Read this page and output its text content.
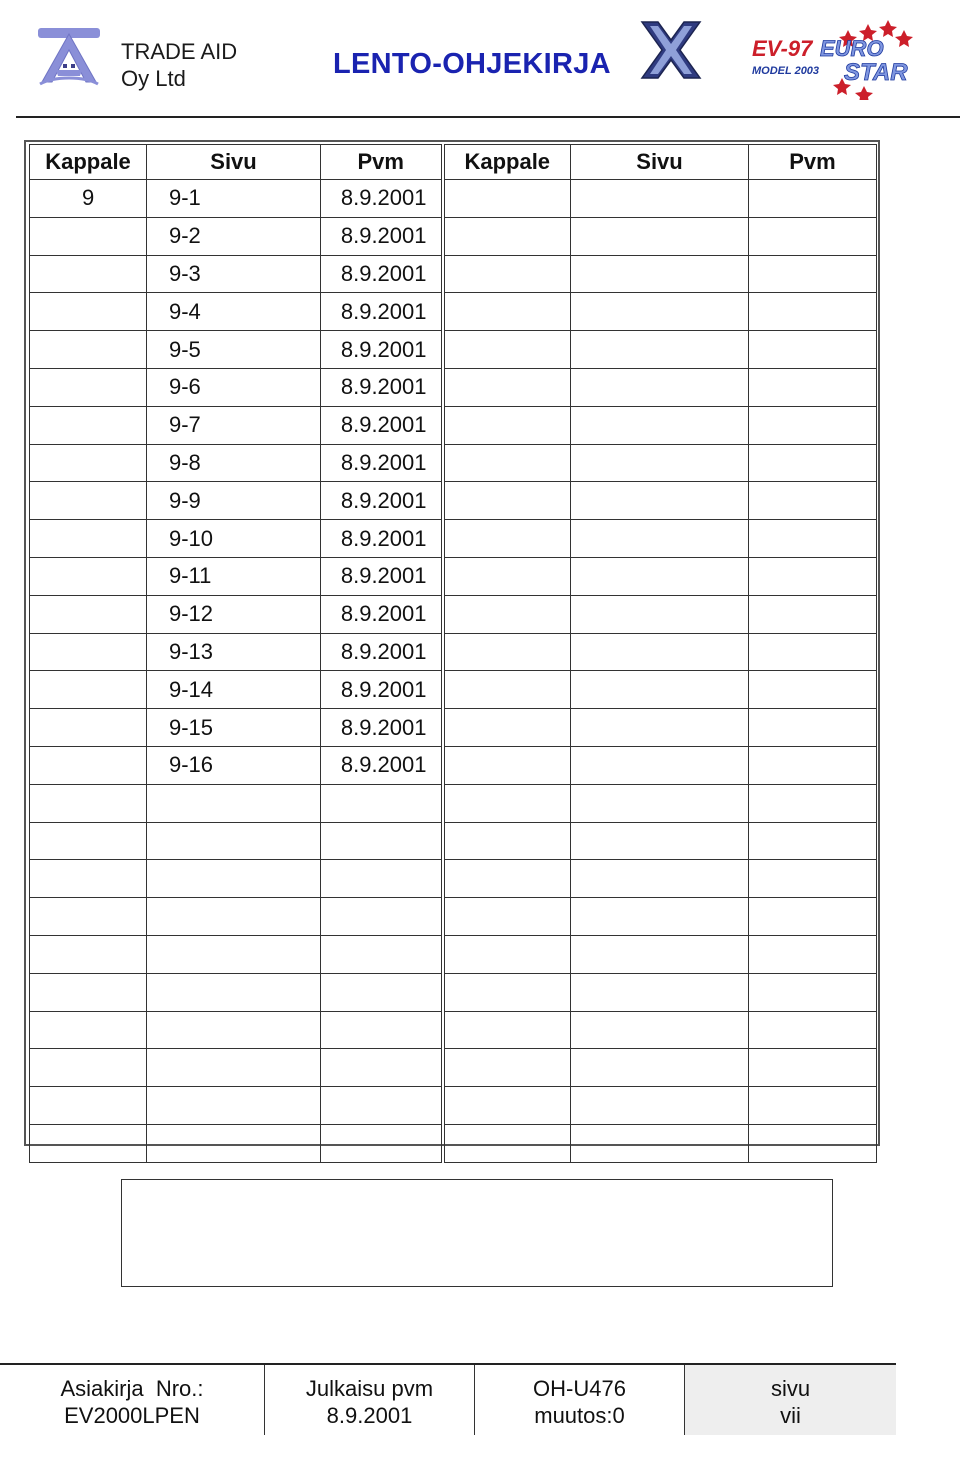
TRADE AID
Oy Ltd	LENTO-OHJEKIRJA	EV-97
MODEL 2003
EURO
STAR
Kappale	Sivu	Pvm	Kappale	Sivu	Pvm
9	9-1	8.9.2001			
	9-2	8.9.2001			
	9-3	8.9.2001			
	9-4	8.9.2001			
	9-5	8.9.2001			
	9-6	8.9.2001			
	9-7	8.9.2001			
	9-8	8.9.2001			
	9-9	8.9.2001			
	9-10	8.9.2001			
	9-11	8.9.2001			
	9-12	8.9.2001			
	9-13	8.9.2001			
	9-14	8.9.2001			
	9-15	8.9.2001			
	9-16	8.9.2001			

Asiakirja  Nro.:
EV2000LPEN
Julkaisu pvm
8.9.2001
OH-U476
muutos:0
sivu
vii
